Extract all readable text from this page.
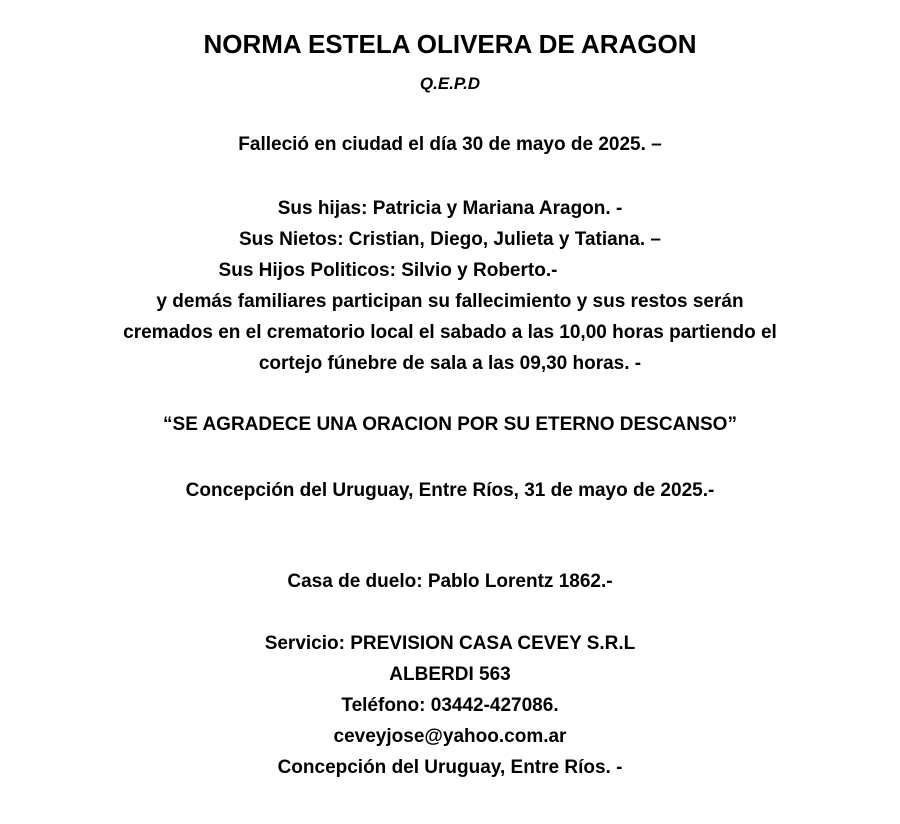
NORMA ESTELA OLIVERA DE ARAGON
Q.E.P.D
Falleció en ciudad el día 30 de mayo de 2025. –
Sus hijas: Patricia y Mariana Aragon. -
Sus Nietos: Cristian, Diego, Julieta y Tatiana. –
Sus Hijos Politicos: Silvio y Roberto.-
y demás familiares participan su fallecimiento y sus restos serán
cremados en el crematorio local el sabado a las 10,00 horas partiendo el
cortejo fúnebre de sala a las 09,30 horas. -
“SE AGRADECE UNA ORACION POR SU ETERNO DESCANSO”
Concepción del Uruguay, Entre Ríos, 31 de mayo de 2025.-
Casa de duelo: Pablo Lorentz 1862.-
Servicio: PREVISION CASA CEVEY S.R.L
ALBERDI 563
Teléfono: 03442-427086.
ceveyjose@yahoo.com.ar
Concepción del Uruguay, Entre Ríos. -
